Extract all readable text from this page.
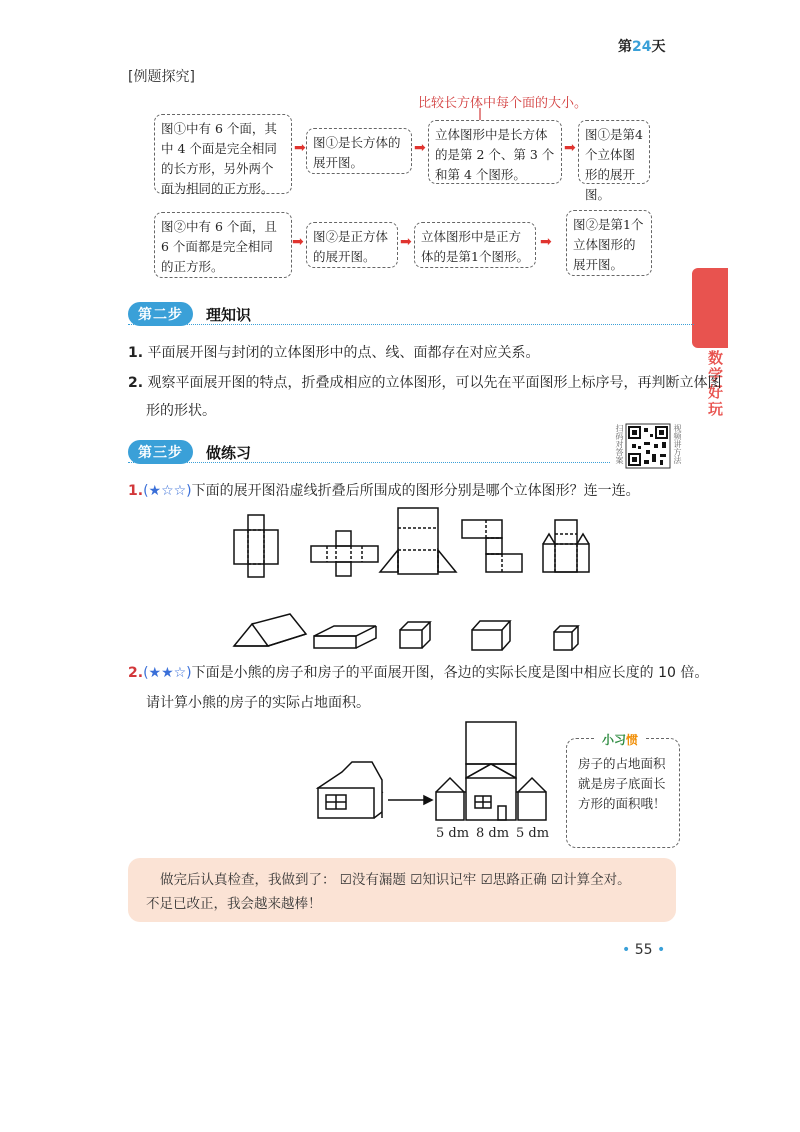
第24天
[例题探究]
比较长方体中每个面的大小。
图①中有 6 个面，其中 4 个面是完全相同的长方形，另外两个面为相同的正方形。
➡ 图①是长方体的展开图。
➡
立体图形中是长方体的是第 2 个、第 3 个和第 4 个图形。
➡
图①是第4个立体图形的展开图。
图②中有 6 个面，且 6 个面都是完全相同的正方形。
➡ 图②是正方体的展开图。
➡ 立体图形中是正方体的是第1个图形。
➡
图②是第1个立体图形的展开图。
数学好玩
第二步	理知识
1. 平面展开图与封闭的立体图形中的点、线、面都存在对应关系。
2. 观察平面展开图的特点，折叠成相应的立体图形，可以先在平面图形上标序号，再判断立体图
形的形状。
第三步	做练习	扫码对答案	视频讲方法
1.(★☆☆)下面的展开图沿虚线折叠后所围成的图形分别是哪个立体图形？连一连。
2.(★★☆)下面是小熊的房子和房子的平面展开图，各边的实际长度是图中相应长度的 10 倍。
请计算小熊的房子的实际占地面积。
5 dm 8 dm 5 dm
小习惯
房子的占地面积就是房子底面长方形的面积哦！
做完后认真检查，我做到了： ☑没有漏题 ☑知识记牢 ☑思路正确 ☑计算全对。
不足已改正，我会越来越棒！
• 55 •
